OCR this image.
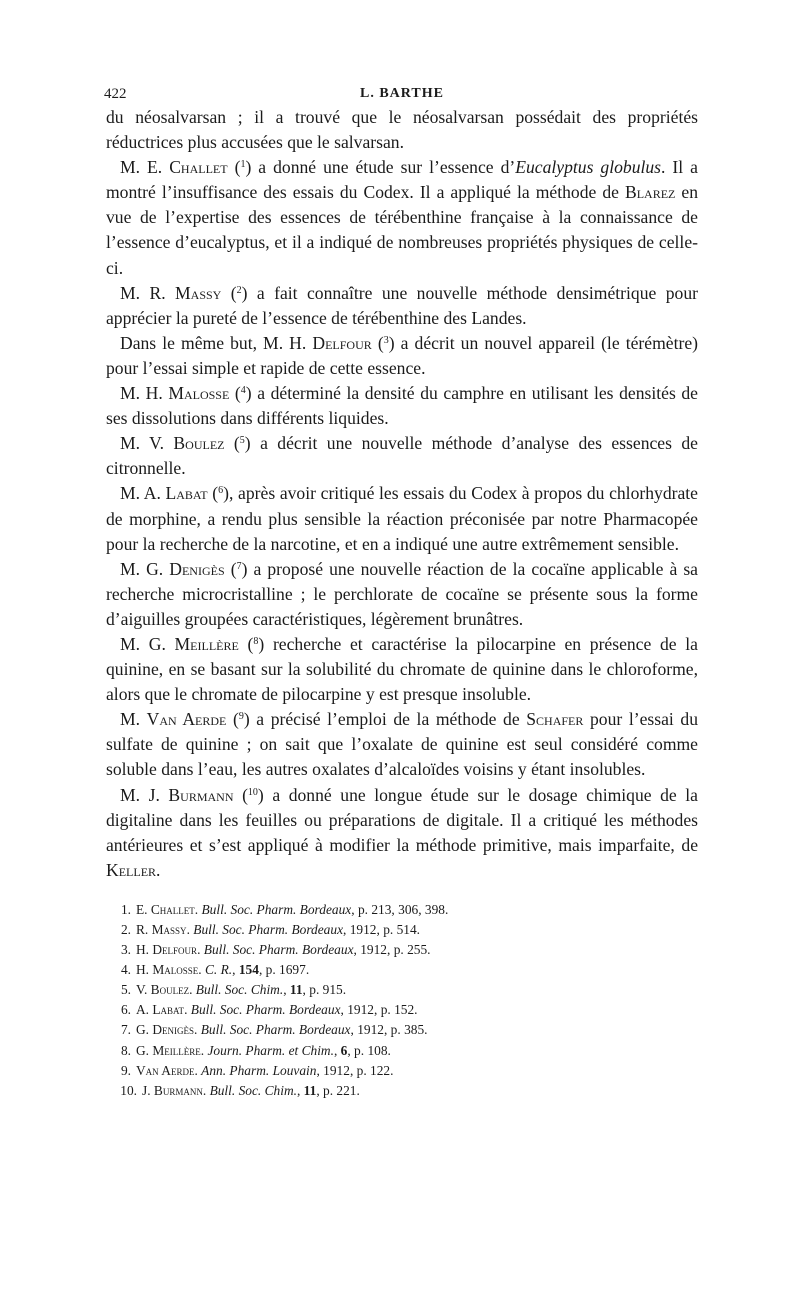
422	L. BARTHE

du néosalvarsan ; il a trouvé que le néosalvarsan possédait des propriétés réductrices plus accusées que le salvarsan.

M. E. Challet ($^1$) a donné une étude sur l’essence d’Eucalyptus globulus. Il a montré l’insuffisance des essais du Codex. Il a appliqué la méthode de Blarez en vue de l’expertise des essences de térébenthine française à la connaissance de l’essence d’eucalyptus, et il a indiqué de nombreuses propriétés physiques de celle-ci.

M. R. Massy ($^2$) a fait connaître une nouvelle méthode densimétrique pour apprécier la pureté de l’essence de térébenthine des Landes.

Dans le même but, M. H. Delfour ($^3$) a décrit un nouvel appareil (le térémètre) pour l’essai simple et rapide de cette essence.

M. H. Malosse ($^4$) a déterminé la densité du camphre en utilisant les densités de ses dissolutions dans différents liquides.

M. V. Boulez ($^5$) a décrit une nouvelle méthode d’analyse des essences de citronnelle.

M. A. Labat ($^6$), après avoir critiqué les essais du Codex à propos du chlorhydrate de morphine, a rendu plus sensible la réaction préconisée par notre Pharmacopée pour la recherche de la narcotine, et en a indiqué une autre extrêmement sensible.

M. G. Denigès ($^7$) a proposé une nouvelle réaction de la cocaïne applicable à sa recherche microcristalline ; le perchlorate de cocaïne se présente sous la forme d’aiguilles groupées caractéristiques, légèrement brunâtres.

M. G. Meillère ($^8$) recherche et caractérise la pilocarpine en présence de la quinine, en se basant sur la solubilité du chromate de quinine dans le chloroforme, alors que le chromate de pilocarpine y est presque insoluble.

M. Van Aerde ($^9$) a précisé l’emploi de la méthode de Schafer pour l’essai du sulfate de quinine ; on sait que l’oxalate de quinine est seul considéré comme soluble dans l’eau, les autres oxalates d’alcaloïdes voisins y étant insolubles.

M. J. Burmann ($^{10}$) a donné une longue étude sur le dosage chimique de la digitaline dans les feuilles ou préparations de digitale. Il a critiqué les méthodes antérieures et s’est appliqué à modifier la méthode primitive, mais imparfaite, de Keller.

1. E. Challet. Bull. Soc. Pharm. Bordeaux, p. 213, 306, 398.
2. R. Massy. Bull. Soc. Pharm. Bordeaux, 1912, p. 514.
3. H. Delfour. Bull. Soc. Pharm. Bordeaux, 1912, p. 255.
4. H. Malosse. C. R., 154, p. 1697.
5. V. Boulez. Bull. Soc. Chim., 11, p. 915.
6. A. Labat. Bull. Soc. Pharm. Bordeaux, 1912, p. 152.
7. G. Denigès. Bull. Soc. Pharm. Bordeaux, 1912, p. 385.
8. G. Meillère. Journ. Pharm. et Chim., 6, p. 108.
9. Van Aerde. Ann. Pharm. Louvain, 1912, p. 122.
10. J. Burmann. Bull. Soc. Chim., 11, p. 221.
